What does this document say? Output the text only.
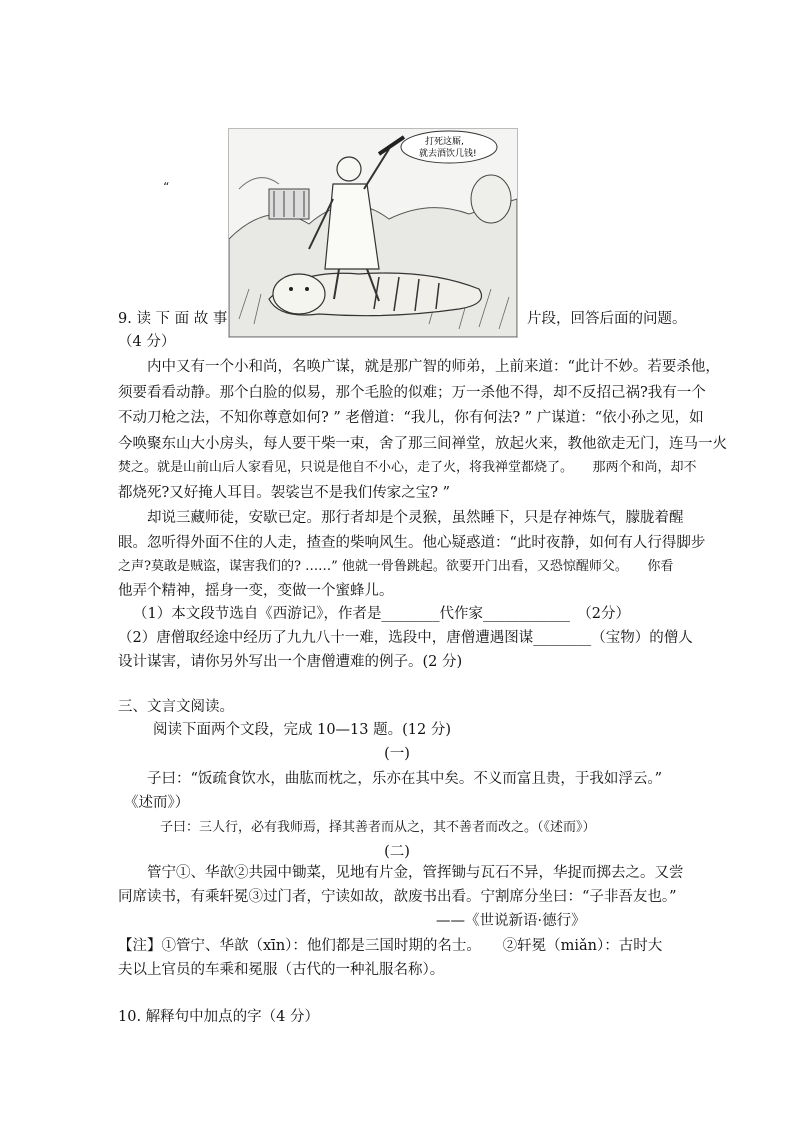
“
打死这厮,
就去酒饮几钱!
9. 读 下 面 故 事	片段，回答后面的问题。
（4 分）
内中又有一个小和尚，名唤广谋，就是那广智的师弟，上前来道：“此计不妙。若要杀他，
须要看看动静。那个白脸的似易，那个毛脸的似难；万一杀他不得，却不反招己祸?我有一个
不动刀枪之法，不知你尊意如何? ” 老僧道：“我儿，你有何法? ” 广谋道：“依小孙之见，如
今唤聚东山大小房头，每人要干柴一束，舍了那三间禅堂，放起火来，教他欲走无门，连马一火
焚之。就是山前山后人家看见，只说是他自不小心，走了火，将我禅堂都烧了。　　那两个和尚，却不
都烧死?又好掩人耳目。袈裟岂不是我们传家之宝? ”
却说三藏师徒，安歇已定。那行者却是个灵猴，虽然睡下，只是存神炼气，朦胧着醒
眼。忽听得外面不住的人走，揸查的柴响风生。他心疑惑道：“此时夜静，如何有人行得脚步
之声?莫敢是贼盗，谋害我们的? ……” 他就一骨鲁跳起。欲要开门出看，又恐惊醒师父。　　你看
他弄个精神，摇身一变，变做一个蜜蜂儿。
（1）本文段节选自《西游记》，作者是________代作家____________　（2分）
（2）唐僧取经途中经历了九九八十一难，选段中，唐僧遭遇图谋________（宝物）的僧人
设计谋害，请你另外写出一个唐僧遭难的例子。(2 分)
三、文言文阅读。
阅读下面两个文段，完成 10—13 题。(12 分)
(一)
子曰：“饭疏食饮水，曲肱而枕之，乐亦在其中矣。不义而富且贵，于我如浮云。”
《述而》）
子曰：三人行，必有我师焉，择其善者而从之，其不善者而改之。（《述而》）
(二)
管宁①、华歆②共园中锄菜，见地有片金，管挥锄与瓦石不异，华捉而掷去之。又尝
同席读书，有乘轩冕③过门者，宁读如故，歆废书出看。宁割席分坐曰：“子非吾友也。”
——《世说新语·德行》
【注】①管宁、华歆（xīn）：他们都是三国时期的名士。　　②轩冕（miǎn）：古时大
夫以上官员的车乘和冕服（古代的一种礼服名称）。
10. 解释句中加点的字（4 分）
